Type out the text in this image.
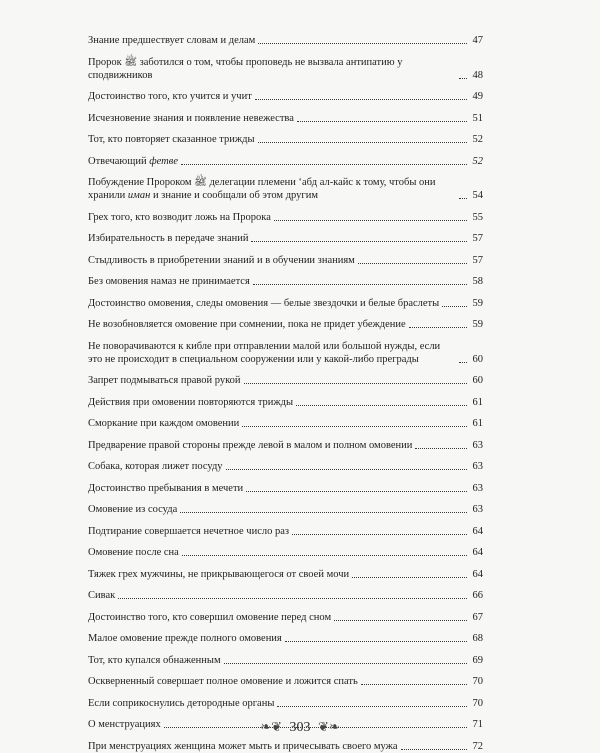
Знание предшествует словам и делам	47
Пророк ﷺ заботился о том, чтобы проповедь не вызвала антипатию у сподвижников	48
Достоинство того, кто учится и учит	49
Исчезновение знания и появление невежества	51
Тот, кто повторяет сказанное трижды	52
Отвечающий фетве	52
Побуждение Пророком ﷺ делегации племени ‘абд ал-кайс к тому, чтобы они хранили иман и знание и сообщали об этом другим	54
Грех того, кто возводит ложь на Пророка	55
Избирательность в передаче знаний	57
Стыдливость в приобретении знаний и в обучении знаниям	57
Без омовения намаз не принимается	58
Достоинство омовения, следы омовения — белые звездочки и белые браслеты	59
Не возобновляется омовение при сомнении, пока не придет убеждение	59
Не поворачиваются к кибле при отправлении малой или большой нужды, если это не происходит в специальном сооружении или у какой-либо преграды	60
Запрет подмываться правой рукой	60
Действия при омовении повторяются трижды	61
Сморкание при каждом омовении	61
Предварение правой стороны прежде левой в малом и полном омовении	63
Собака, которая лижет посуду	63
Достоинство пребывания в мечети	63
Омовение из сосуда	63
Подтирание совершается нечетное число раз	64
Омовение после сна	64
Тяжек грех мужчины, не прикрывающегося от своей мочи	64
Сивак	66
Достоинство того, кто совершил омовение перед сном	67
Малое омовение прежде полного омовения	68
Тот, кто купался обнаженным	69
Оскверненный совершает полное омовение и ложится спать	70
Если соприкоснулись детородные органы	70
О менструациях	71
При менструациях женщина может мыть и причесывать своего мужа	72
❧❦ 303 ❦❧
